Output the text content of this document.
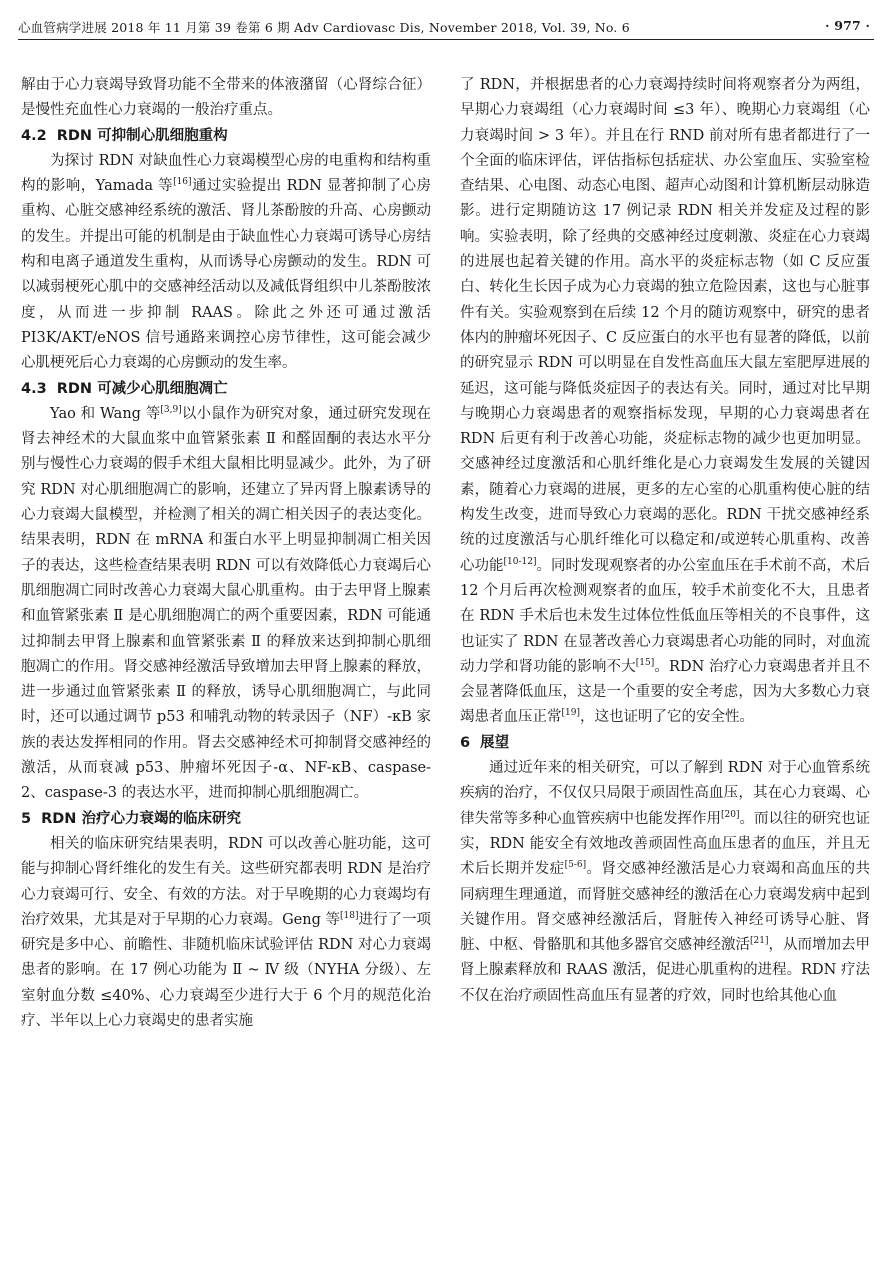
心血管病学进展 2018 年 11 月第 39 卷第 6 期 Adv Cardiovasc Dis, November 2018, Vol. 39, No. 6	· 977 ·

解由于心力衰竭导致肾功能不全带来的体液潴留（心肾综合征）是慢性充血性心力衰竭的一般治疗重点。

4.2 RDN 可抑制心肌细胞重构

为探讨 RDN 对缺血性心力衰竭模型心房的电重构和结构重构的影响，Yamada 等[16]通过实验提出 RDN 显著抑制了心房重构、心脏交感神经系统的激活、肾儿茶酚胺的升高、心房颤动的发生。并提出可能的机制是由于缺血性心力衰竭可诱导心房结构和电离子通道发生重构，从而诱导心房颤动的发生。RDN 可以减弱梗死心肌中的交感神经活动以及减低肾组织中儿茶酚胺浓度，从而进一步抑制 RAAS。除此之外还可通过激活 PI3K/AKT/eNOS 信号通路来调控心房节律性，这可能会减少心肌梗死后心力衰竭的心房颤动的发生率。

4.3 RDN 可减少心肌细胞凋亡

Yao 和 Wang 等[3,9]以小鼠作为研究对象，通过研究发现在肾去神经术的大鼠血浆中血管紧张素 Ⅱ 和醛固酮的表达水平分别与慢性心力衰竭的假手术组大鼠相比明显减少。此外，为了研究 RDN 对心肌细胞凋亡的影响，还建立了异丙肾上腺素诱导的心力衰竭大鼠模型，并检测了相关的凋亡相关因子的表达变化。结果表明，RDN 在 mRNA 和蛋白水平上明显抑制凋亡相关因子的表达，这些检查结果表明 RDN 可以有效降低心力衰竭后心肌细胞凋亡同时改善心力衰竭大鼠心肌重构。由于去甲肾上腺素和血管紧张素 Ⅱ 是心肌细胞凋亡的两个重要因素，RDN 可能通过抑制去甲肾上腺素和血管紧张素 Ⅱ 的释放来达到抑制心肌细胞凋亡的作用。肾交感神经激活导致增加去甲肾上腺素的释放，进一步通过血管紧张素 Ⅱ 的释放，诱导心肌细胞凋亡，与此同时，还可以通过调节 p53 和哺乳动物的转录因子（NF）-κB 家族的表达发挥相同的作用。肾去交感神经术可抑制肾交感神经的激活，从而衰减 p53、肿瘤坏死因子-α、NF-κB、caspase-2、caspase-3 的表达水平，进而抑制心肌细胞凋亡。

5 RDN 治疗心力衰竭的临床研究

相关的临床研究结果表明，RDN 可以改善心脏功能，这可能与抑制心肾纤维化的发生有关。这些研究都表明 RDN 是治疗心力衰竭可行、安全、有效的方法。对于早晚期的心力衰竭均有治疗效果，尤其是对于早期的心力衰竭。Geng 等[18]进行了一项研究是多中心、前瞻性、非随机临床试验评估 RDN 对心力衰竭患者的影响。在 17 例心功能为 Ⅱ ~ Ⅳ 级（NYHA 分级）、左室射血分数 ≤40%、心力衰竭至少进行大于 6 个月的规范化治疗、半年以上心力衰竭史的患者实施

了 RDN，并根据患者的心力衰竭持续时间将观察者分为两组，早期心力衰竭组（心力衰竭时间 ≤3 年）、晚期心力衰竭组（心力衰竭时间 > 3 年）。并且在行 RND 前对所有患者都进行了一个全面的临床评估，评估指标包括症状、办公室血压、实验室检查结果、心电图、动态心电图、超声心动图和计算机断层动脉造影。进行定期随访这 17 例记录 RDN 相关并发症及过程的影响。实验表明，除了经典的交感神经过度刺激、炎症在心力衰竭的进展也起着关键的作用。高水平的炎症标志物（如 C 反应蛋白、转化生长因子成为心力衰竭的独立危险因素，这也与心脏事件有关。实验观察到在后续 12 个月的随访观察中，研究的患者体内的肿瘤坏死因子、C 反应蛋白的水平也有显著的降低，以前的研究显示 RDN 可以明显在自发性高血压大鼠左室肥厚进展的延迟，这可能与降低炎症因子的表达有关。同时，通过对比早期与晚期心力衰竭患者的观察指标发现，早期的心力衰竭患者在 RDN 后更有利于改善心功能，炎症标志物的减少也更加明显。交感神经过度激活和心肌纤维化是心力衰竭发生发展的关键因素，随着心力衰竭的进展，更多的左心室的心肌重构使心脏的结构发生改变，进而导致心力衰竭的恶化。RDN 干扰交感神经系统的过度激活与心肌纤维化可以稳定和/或逆转心肌重构、改善心功能[10-12]。同时发现观察者的办公室血压在手术前不高，术后 12 个月后再次检测观察者的血压，较手术前变化不大，且患者在 RDN 手术后也未发生过体位性低血压等相关的不良事件，这也证实了 RDN 在显著改善心力衰竭患者心功能的同时，对血流动力学和肾功能的影响不大[15]。RDN 治疗心力衰竭患者并且不会显著降低血压，这是一个重要的安全考虑，因为大多数心力衰竭患者血压正常[19]，这也证明了它的安全性。

6 展望

通过近年来的相关研究，可以了解到 RDN 对于心血管系统疾病的治疗，不仅仅只局限于顽固性高血压，其在心力衰竭、心律失常等多种心血管疾病中也能发挥作用[20]。而以往的研究也证实，RDN 能安全有效地改善顽固性高血压患者的血压，并且无术后长期并发症[5-6]。肾交感神经激活是心力衰竭和高血压的共同病理生理通道，而肾脏交感神经的激活在心力衰竭发病中起到关键作用。肾交感神经激活后，肾脏传入神经可诱导心脏、肾脏、中枢、骨骼肌和其他多器官交感神经激活[21]，从而增加去甲肾上腺素释放和 RAAS 激活，促进心肌重构的进程。RDN 疗法不仅在治疗顽固性高血压有显著的疗效，同时也给其他心血
